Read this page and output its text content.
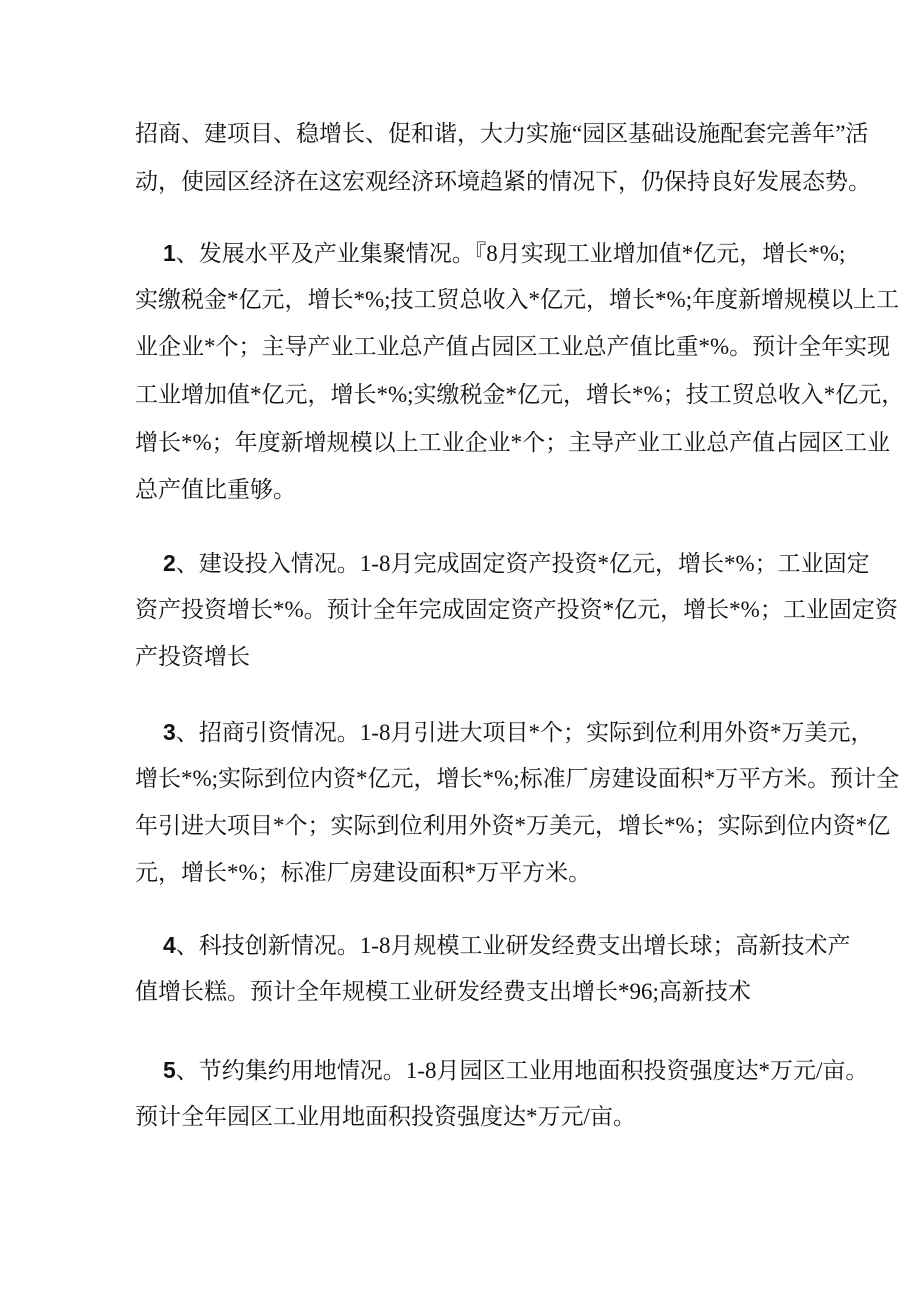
招商、建项目、稳增长、促和谐，大力实施“园区基础设施配套完善年”活
动，使园区经济在这宏观经济环境趋紧的情况下，仍保持良好发展态势。
1、发展水平及产业集聚情况。『8月实现工业增加值*亿元，增长*%;
实缴税金*亿元，增长*%;技工贸总收入*亿元，增长*%;年度新增规模以上工
业企业*个；主导产业工业总产值占园区工业总产值比重*%。预计全年实现
工业增加值*亿元，增长*%;实缴税金*亿元，增长*%；技工贸总收入*亿元，
增长*%；年度新增规模以上工业企业*个；主导产业工业总产值占园区工业
总产值比重够。
2、建设投入情况。1-8月完成固定资产投资*亿元，增长*%；工业固定
资产投资增长*%。预计全年完成固定资产投资*亿元，增长*%；工业固定资
产投资增长
3、招商引资情况。1-8月引进大项目*个；实际到位利用外资*万美元，
增长*%;实际到位内资*亿元，增长*%;标准厂房建设面积*万平方米。预计全
年引进大项目*个；实际到位利用外资*万美元，增长*%；实际到位内资*亿
元，增长*%；标准厂房建设面积*万平方米。
4、科技创新情况。1-8月规模工业研发经费支出增长球；高新技术产
值增长糕。预计全年规模工业研发经费支出增长*96;高新技术
5、节约集约用地情况。1-8月园区工业用地面积投资强度达*万元/亩。
预计全年园区工业用地面积投资强度达*万元/亩。
